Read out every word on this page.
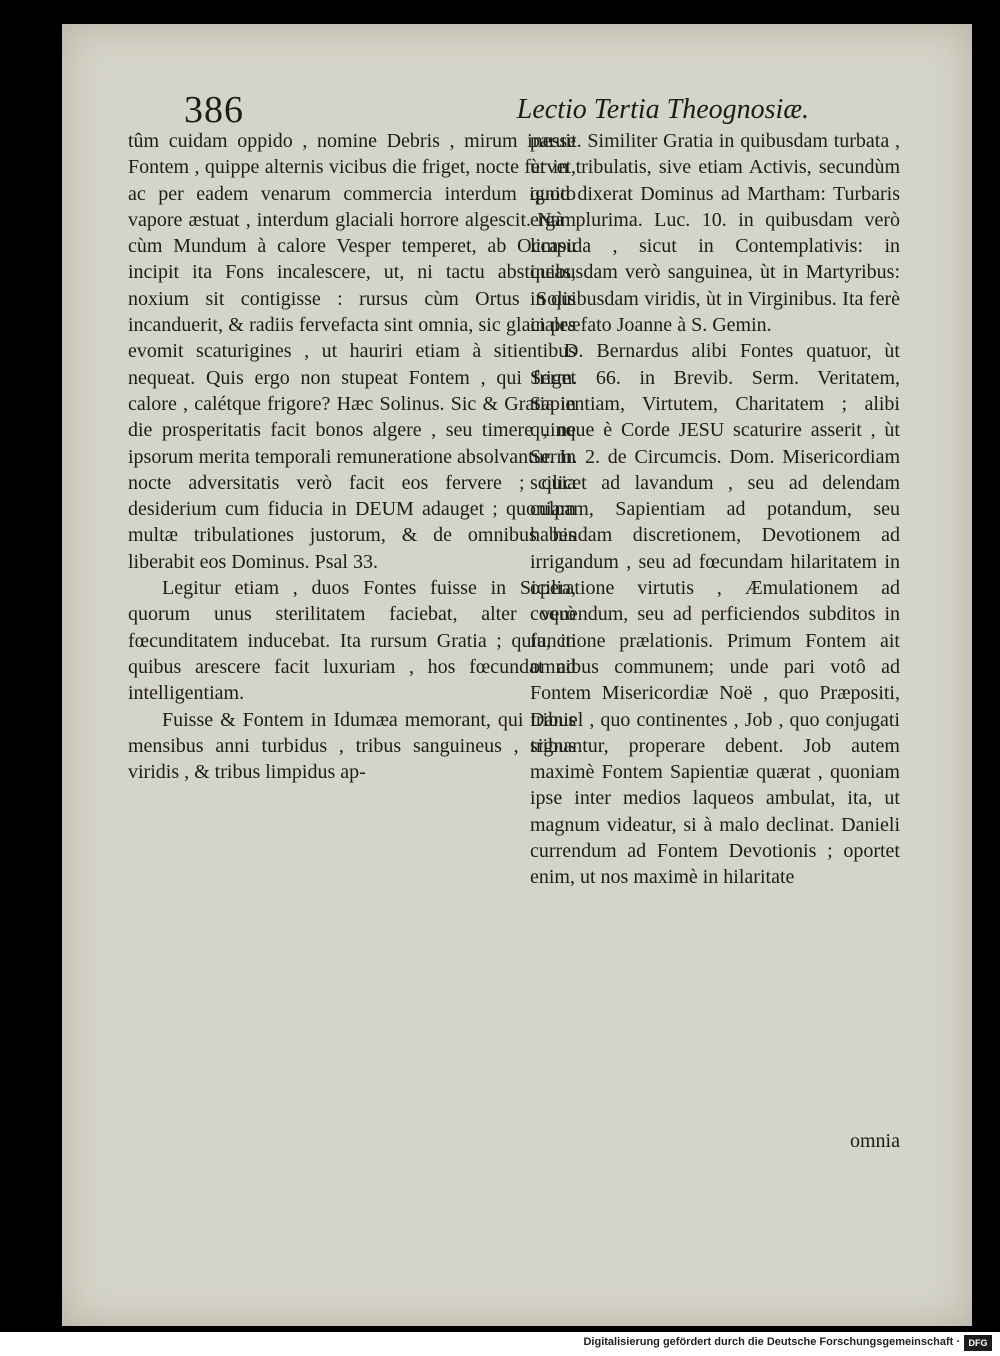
386	Lectio Tertia Theognosiæ.

tûm cuidam oppido , nomine Debris , mirum inesse Fontem , quippe alternis vicibus die friget, nocte fervet, ac per eadem venarum commercia interdum ignito vapore æstuat , interdum glaciali horrore algescit. Nam cùm Mundum à calore Vesper temperet, ab Occasu incipit ita Fons incalescere, ut, ni tactu abstineas, noxium sit contigisse : rursus cùm Ortus Solis incanduerit, & radiis fervefacta sint omnia, sic glaciales evomit scaturigines , ut hauriri etiam à sitientibus nequeat. Quis ergo non stupeat Fontem , qui friget calore , calétque frigore? Hæc Solinus. Sic & Gratia in die prosperitatis facit bonos algere , seu timere , ne ipsorum merita temporali remuneratione absolvantur. In nocte adversitatis verò facit eos fervere ; quia desiderium cum fiducia in DEUM adauget ; quoniam multæ tribulationes justorum, & de omnibus his liberabit eos Dominus. Psal 33.

Legitur etiam , duos Fontes fuisse in Sicilia, quorum unus sterilitatem faciebat, alter verò fœcunditatem inducebat. Ita rursum Gratia ; quia, in quibus arescere facit luxuriam , hos fœcundat ad intelligentiam.

Fuisse & Fontem in Idumæa memorant, qui tribus mensibus anni turbidus , tribus sanguineus , tribus viridis , & tribus limpidus ap-

paruit. Similiter Gratia in quibusdam turbata , ùt in tribulatis, sive etiam Activis, secundùm quod dixerat Dominus ad Martham: Turbaris ergà plurima. Luc. 10. in quibusdam verò limpida , sicut in Contemplativis: in quibusdam verò sanguinea, ùt in Martyribus: in quibusdam viridis, ùt in Virginibus. Ita ferè in præfato Joanne à S. Gemin.

D. Bernardus alibi Fontes quatuor, ùt Serm. 66. in Brevib. Serm. Veritatem, Sapientiam, Virtutem, Charitatem ; alibi quinque è Corde JESU scaturire asserit , ùt Serm. 2. de Circumcis. Dom. Misericordiam scilicet ad lavandum , seu ad delendam culpam, Sapientiam ad potandum, seu habendam discretionem, Devotionem ad irrigandum , seu ad fœcundam hilaritatem in operatione virtutis , Æmulationem ad coquendum, seu ad perficiendos subditos in functione prælationis. Primum Fontem ait omnibus communem; unde pari votô ad Fontem Misericordiæ Noë , quo Præpositi, Daniel , quo continentes , Job , quo conjugati signantur, properare debent. Job autem maximè Fontem Sapientiæ quærat , quoniam ipse inter medios laqueos ambulat, ita, ut magnum videatur, si à malo declinat. Danieli currendum ad Fontem Devotionis ; oportet enim, ut nos maximè in hilaritate

omnia
Digitalisierung gefördert durch die Deutsche Forschungsgemeinschaft · DFG
